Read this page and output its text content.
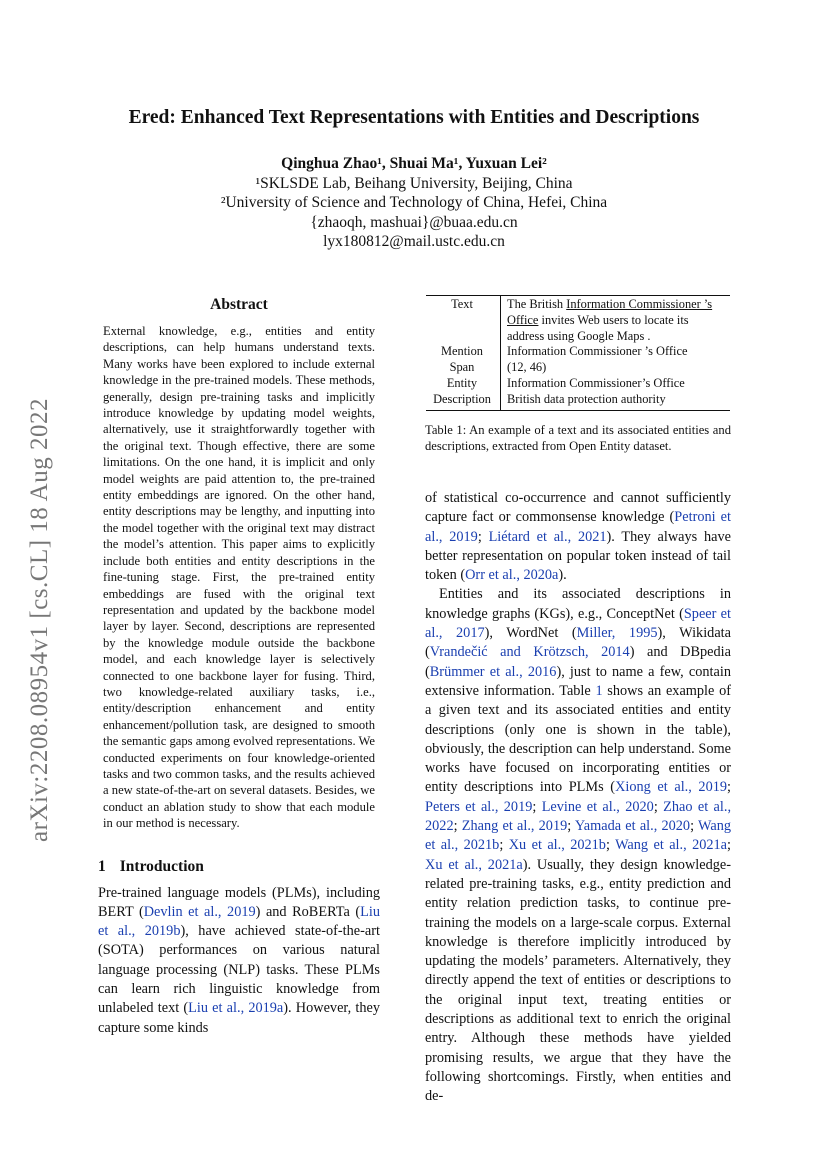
arXiv:2208.08954v1 [cs.CL] 18 Aug 2022
Ered: Enhanced Text Representations with Entities and Descriptions
Qinghua Zhao¹, Shuai Ma¹, Yuxuan Lei²
¹SKLSDE Lab, Beihang University, Beijing, China
²University of Science and Technology of China, Hefei, China
{zhaoqh, mashuai}@buaa.edu.cn
lyx180812@mail.ustc.edu.cn
Abstract

External knowledge, e.g., entities and entity descriptions, can help humans understand texts. Many works have been explored to include external knowledge in the pre-trained models. These methods, generally, design pre-training tasks and implicitly introduce knowledge by updating model weights, alternatively, use it straightforwardly together with the original text. Though effective, there are some limitations. On the one hand, it is implicit and only model weights are paid attention to, the pre-trained entity embeddings are ignored. On the other hand, entity descriptions may be lengthy, and inputting into the model together with the original text may distract the model’s attention. This paper aims to explicitly include both entities and entity descriptions in the fine-tuning stage. First, the pre-trained entity embeddings are fused with the original text representation and updated by the backbone model layer by layer. Second, descriptions are represented by the knowledge module outside the backbone model, and each knowledge layer is selectively connected to one backbone layer for fusing. Third, two knowledge-related auxiliary tasks, i.e., entity/description enhancement and entity enhancement/pollution task, are designed to smooth the semantic gaps among evolved representations. We conducted experiments on four knowledge-oriented tasks and two common tasks, and the results achieved a new state-of-the-art on several datasets. Besides, we conduct an ablation study to show that each module in our method is necessary.

1 Introduction

Pre-trained language models (PLMs), including BERT (Devlin et al., 2019) and RoBERTa (Liu et al., 2019b), have achieved state-of-the-art (SOTA) performances on various natural language processing (NLP) tasks. These PLMs can learn rich linguistic knowledge from unlabeled text (Liu et al., 2019a). However, they capture some kinds

Text	The British Information Commissioner ’s Office invites Web users to locate its address using Google Maps .
Mention	Information Commissioner ’s Office
Span	(12, 46)
Entity	Information Commissioner’s Office
Description	British data protection authority
Table 1: An example of a text and its associated entities and descriptions, extracted from Open Entity dataset.

of statistical co-occurrence and cannot sufficiently capture fact or commonsense knowledge (Petroni et al., 2019; Liétard et al., 2021). They always have better representation on popular token instead of tail token (Orr et al., 2020a).

Entities and its associated descriptions in knowledge graphs (KGs), e.g., ConceptNet (Speer et al., 2017), WordNet (Miller, 1995), Wikidata (Vrandečić and Krötzsch, 2014) and DBpedia (Brümmer et al., 2016), just to name a few, contain extensive information. Table 1 shows an example of a given text and its associated entities and entity descriptions (only one is shown in the table), obviously, the description can help understand. Some works have focused on incorporating entities or entity descriptions into PLMs (Xiong et al., 2019; Peters et al., 2019; Levine et al., 2020; Zhao et al., 2022; Zhang et al., 2019; Yamada et al., 2020; Wang et al., 2021b; Xu et al., 2021b; Wang et al., 2021a; Xu et al., 2021a). Usually, they design knowledge-related pre-training tasks, e.g., entity prediction and entity relation prediction tasks, to continue pre-training the models on a large-scale corpus. External knowledge is therefore implicitly introduced by updating the models’ parameters. Alternatively, they directly append the text of entities or descriptions to the original input text, treating entities or descriptions as additional text to enrich the original entry. Although these methods have yielded promising results, we argue that they have the following shortcomings. Firstly, when entities and de-
